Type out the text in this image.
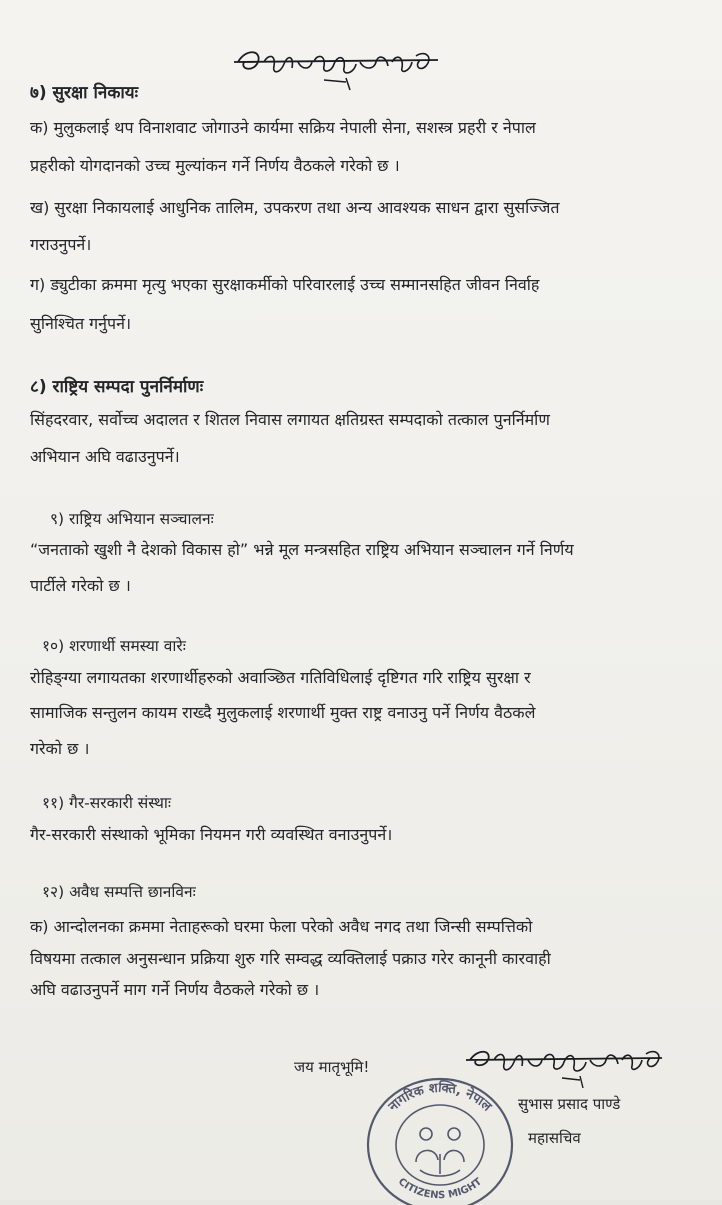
७) सुरक्षा निकायः
क) मुलुकलाई थप विनाशवाट जोगाउने कार्यमा सक्रिय नेपाली सेना, सशस्त्र प्रहरी र नेपाल
प्रहरीको योगदानको उच्च मुल्यांकन गर्ने निर्णय वैठकले गरेको छ ।
ख) सुरक्षा निकायलाई आधुनिक तालिम, उपकरण तथा अन्य आवश्यक साधन द्वारा सुसज्जित
गराउनुपर्ने।
ग) ड्युटीका क्रममा मृत्यु भएका सुरक्षाकर्मीको परिवारलाई उच्च सम्मानसहित जीवन निर्वाह
सुनिश्चित गर्नुपर्ने।
८) राष्ट्रिय सम्पदा पुनर्निर्माणः
सिंहदरवार, सर्वोच्च अदालत र शितल निवास लगायत क्षतिग्रस्त सम्पदाको तत्काल पुनर्निर्माण
अभियान अघि वढाउनुपर्ने।
९) राष्ट्रिय अभियान सञ्चालनः
“जनताको खुशी नै देशको विकास हो” भन्ने मूल मन्त्रसहित राष्ट्रिय अभियान सञ्चालन गर्ने निर्णय
पार्टीले गरेको छ ।
१०) शरणार्थी समस्या वारेः
रोहिङ्ग्या लगायतका शरणार्थीहरुको अवाञ्छित गतिविधिलाई दृष्टिगत गरि राष्ट्रिय सुरक्षा र
सामाजिक सन्तुलन कायम राख्दै मुलुकलाई शरणार्थी मुक्त राष्ट्र वनाउनु पर्ने निर्णय वैठकले
गरेको छ ।
११) गैर-सरकारी संस्थाः
गैर-सरकारी संस्थाको भूमिका नियमन गरी व्यवस्थित वनाउनुपर्ने।
१२) अवैध सम्पत्ति छानविनः
क) आन्दोलनका क्रममा नेताहरूको घरमा फेला परेको अवैध नगद तथा जिन्सी सम्पत्तिको
विषयमा तत्काल अनुसन्धान प्रक्रिया शुरु गरि सम्वद्ध व्यक्तिलाई पक्राउ गरेर कानूनी कारवाही
अघि वढाउनुपर्ने माग गर्ने निर्णय वैठकले गरेको छ ।
जय मातृभूमि!
सुभास प्रसाद पाण्डे
महासचिव
नागरिक शक्ति, नेपाल
CITIZENS MIGHT
